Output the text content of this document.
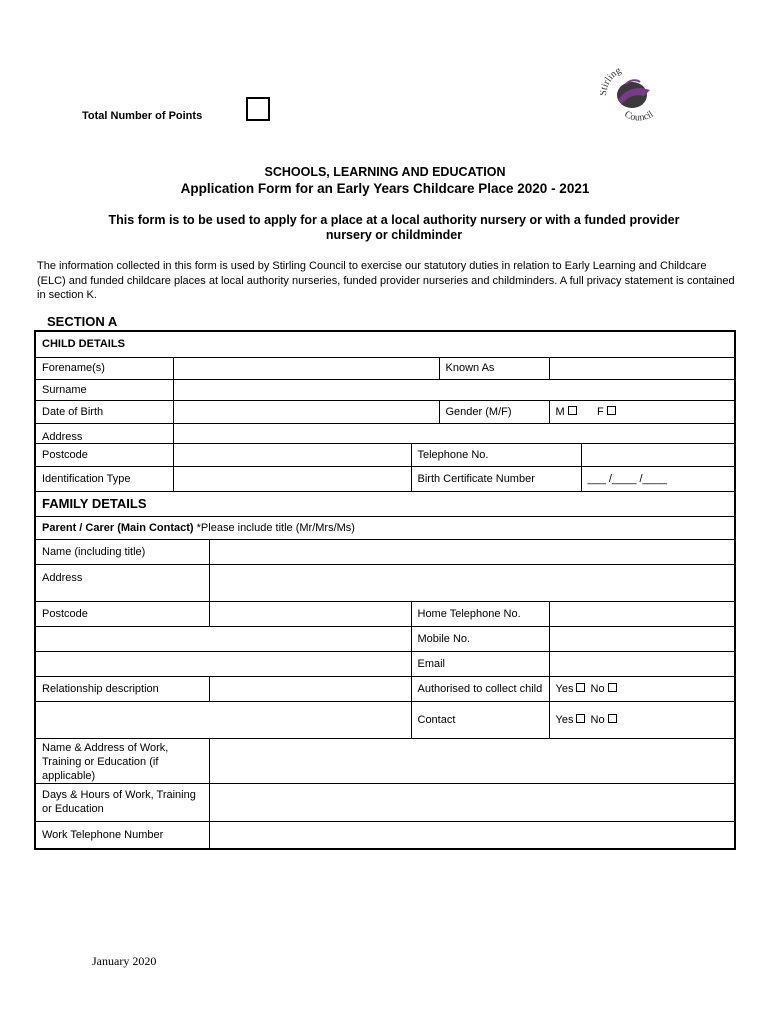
Total Number of Points
irling
Council
SCHOOLS, LEARNING AND EDUCATION
Application Form for an Early Years Childcare Place 2020 - 2021
This form is to be used to apply for a place at a local authority nursery or with a funded provider nursery or childminder
The information collected in this form is used by Stirling Council to exercise our statutory duties in relation to Early Learning and Childcare (ELC) and funded childcare places at local authority nurseries, funded provider nurseries and childminders. A full privacy statement is contained in section K.
SECTION A
CHILD DETAILS						
Forename(s)				Known As		
Surname						
Date of Birth				Gender (M/F)	M F	
Address						
Postcode			Telephone No.			
Identification Type			Birth Certificate Number			___ /____ /____
FAMILY DETAILS						
Parent / Carer (Main Contact) *Please include title (Mr/Mrs/Ms)						
Name (including title)						
Address						
Postcode			Home Telephone No.			
			Mobile No.			
			Email			
Relationship description			Authorised to collect child		Yes No	
			Contact		Yes No	
Name & Address of Work, Training or Education (if applicable)						
Days & Hours of Work, Training or Education						
Work Telephone Number						
January 2020
